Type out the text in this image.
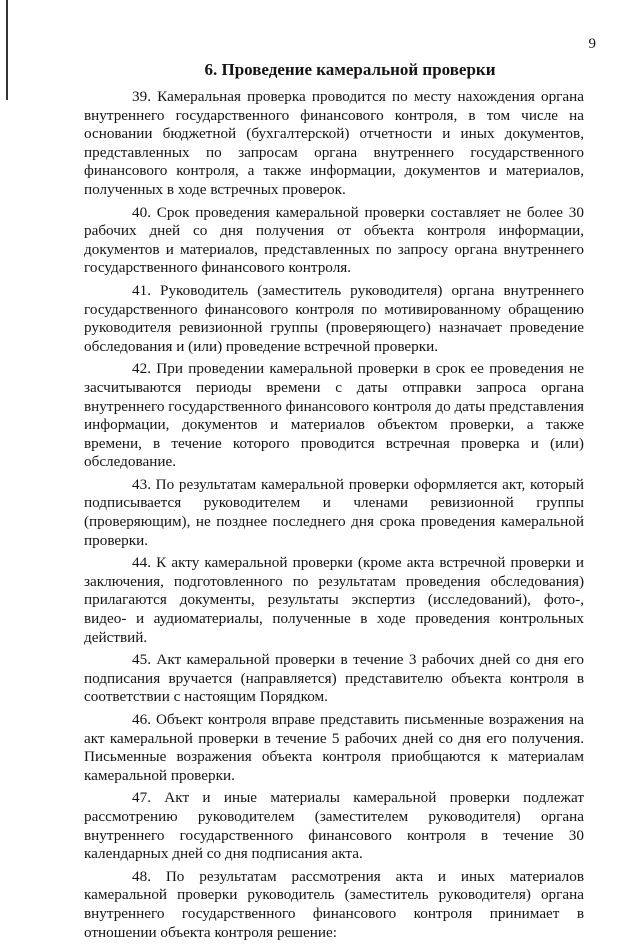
9
6. Проведение камеральной проверки

39. Камеральная проверка проводится по месту нахождения органа внутреннего государственного финансового контроля, в том числе на основании бюджетной (бухгалтерской) отчетности и иных документов, представленных по запросам органа внутреннего государственного финансового контроля, а также информации, документов и материалов, полученных в ходе встречных проверок.

40. Срок проведения камеральной проверки составляет не более 30 рабочих дней со дня получения от объекта контроля информации, документов и материалов, представленных по запросу органа внутреннего государственного финансового контроля.

41. Руководитель (заместитель руководителя) органа внутреннего государственного финансового контроля по мотивированному обращению руководителя ревизионной группы (проверяющего) назначает проведение обследования и (или) проведение встречной проверки.

42. При проведении камеральной проверки в срок ее проведения не засчитываются периоды времени с даты отправки запроса органа внутреннего государственного финансового контроля до даты представления информации, документов и материалов объектом проверки, а также времени, в течение которого проводится встречная проверка и (или) обследование.

43. По результатам камеральной проверки оформляется акт, который подписывается руководителем и членами ревизионной группы (проверяющим), не позднее последнего дня срока проведения камеральной проверки.

44. К акту камеральной проверки (кроме акта встречной проверки и заключения, подготовленного по результатам проведения обследования) прилагаются документы, результаты экспертиз (исследований), фото-, видео- и аудиоматериалы, полученные в ходе проведения контрольных действий.

45. Акт камеральной проверки в течение 3 рабочих дней со дня его подписания вручается (направляется) представителю объекта контроля в соответствии с настоящим Порядком.

46. Объект контроля вправе представить письменные возражения на акт камеральной проверки в течение 5 рабочих дней со дня его получения. Письменные возражения объекта контроля приобщаются к материалам камеральной проверки.

47. Акт и иные материалы камеральной проверки подлежат рассмотрению руководителем (заместителем руководителя) органа внутреннего государственного финансового контроля в течение 30 календарных дней со дня подписания акта.

48. По результатам рассмотрения акта и иных материалов камеральной проверки руководитель (заместитель руководителя) органа внутреннего государственного финансового контроля принимает в отношении объекта контроля решение:
